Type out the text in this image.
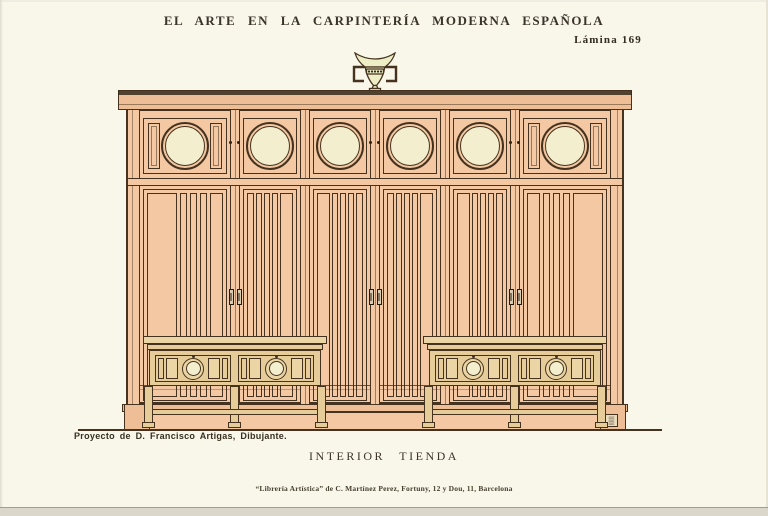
EL ARTE EN LA CARPINTERÍA MODERNA ESPAÑOLA
Lámina 169
▒
Proyecto de D. Francisco Artigas, Dibujante.
INTERIOR TIENDA
“Librería Artística” de C. Martínez Perez, Fortuny, 12 y Dou, 11, Barcelona
